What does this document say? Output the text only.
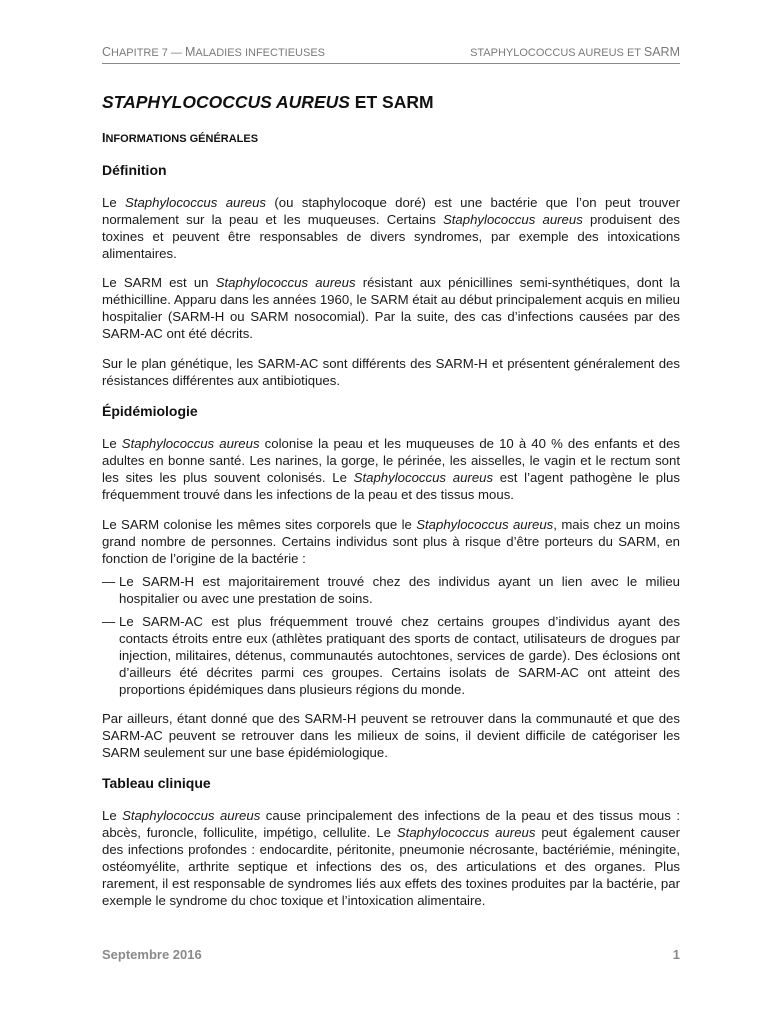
CHAPITRE 7 — MALADIES INFECTIEUSES	STAPHYLOCOCCUS AUREUS ET SARM
STAPHYLOCOCCUS AUREUS ET SARM
INFORMATIONS GÉNÉRALES
Définition

Le Staphylococcus aureus (ou staphylocoque doré) est une bactérie que l’on peut trouver normalement sur la peau et les muqueuses. Certains Staphylococcus aureus produisent des toxines et peuvent être responsables de divers syndromes, par exemple des intoxications alimentaires.

Le SARM est un Staphylococcus aureus résistant aux pénicillines semi-synthétiques, dont la méthicilline. Apparu dans les années 1960, le SARM était au début principalement acquis en milieu hospitalier (SARM-H ou SARM nosocomial). Par la suite, des cas d’infections causées par des SARM-AC ont été décrits.

Sur le plan génétique, les SARM-AC sont différents des SARM-H et présentent généralement des résistances différentes aux antibiotiques.

Épidémiologie

Le Staphylococcus aureus colonise la peau et les muqueuses de 10 à 40 % des enfants et des adultes en bonne santé. Les narines, la gorge, le périnée, les aisselles, le vagin et le rectum sont les sites les plus souvent colonisés. Le Staphylococcus aureus est l’agent pathogène le plus fréquemment trouvé dans les infections de la peau et des tissus mous.

Le SARM colonise les mêmes sites corporels que le Staphylococcus aureus, mais chez un moins grand nombre de personnes. Certains individus sont plus à risque d’être porteurs du SARM, en fonction de l’origine de la bactérie :

— Le SARM-H est majoritairement trouvé chez des individus ayant un lien avec le milieu hospitalier ou avec une prestation de soins.
— Le SARM-AC est plus fréquemment trouvé chez certains groupes d’individus ayant des contacts étroits entre eux (athlètes pratiquant des sports de contact, utilisateurs de drogues par injection, militaires, détenus, communautés autochtones, services de garde). Des éclosions ont d’ailleurs été décrites parmi ces groupes. Certains isolats de SARM-AC ont atteint des proportions épidémiques dans plusieurs régions du monde.

Par ailleurs, étant donné que des SARM-H peuvent se retrouver dans la communauté et que des SARM-AC peuvent se retrouver dans les milieux de soins, il devient difficile de catégoriser les SARM seulement sur une base épidémiologique.

Tableau clinique

Le Staphylococcus aureus cause principalement des infections de la peau et des tissus mous : abcès, furoncle, folliculite, impétigo, cellulite. Le Staphylococcus aureus peut également causer des infections profondes : endocardite, péritonite, pneumonie nécrosante, bactériémie, méningite, ostéomyélite, arthrite septique et infections des os, des articulations et des organes. Plus rarement, il est responsable de syndromes liés aux effets des toxines produites par la bactérie, par exemple le syndrome du choc toxique et l’intoxication alimentaire.

Septembre 2016	1
